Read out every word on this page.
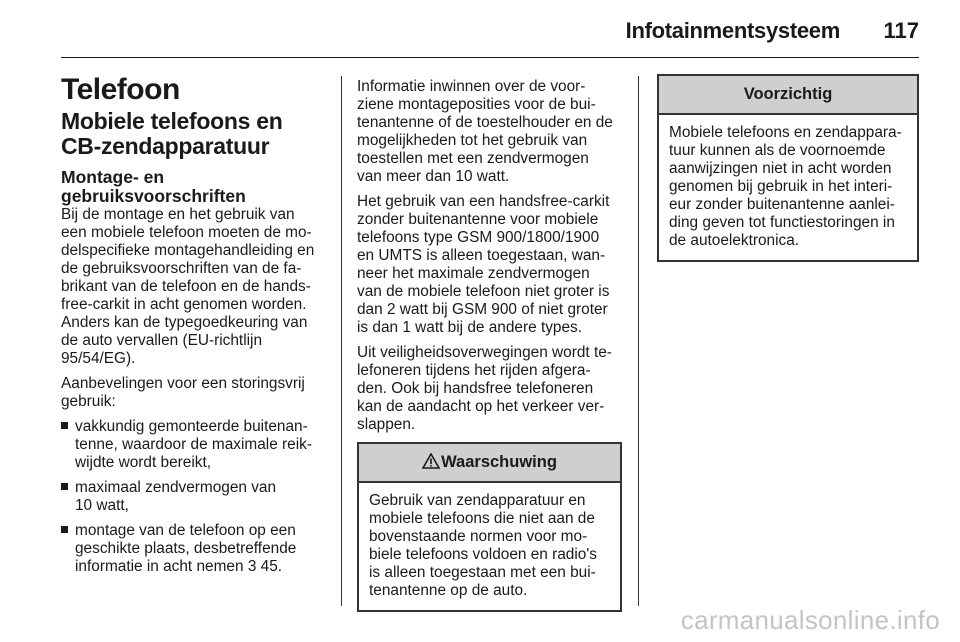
Infotainmentsysteem 117
Telefoon
Mobiele telefoons en
CB-zendapparatuur
Montage- en
gebruiksvoorschriften

Bij de montage en het gebruik van
een mobiele telefoon moeten de mo-
delspecifieke montagehandleiding en
de gebruiksvoorschriften van de fa-
brikant van de telefoon en de hands-
free-carkit in acht genomen worden.
Anders kan de typegoedkeuring van
de auto vervallen (EU-richtlijn
95/54/EG).

Aanbevelingen voor een storingsvrij
gebruik:

vakkundig gemonteerde buitenan-
tenne, waardoor de maximale reik-
wijdte wordt bereikt,
maximaal zendvermogen van
10 watt,
montage van de telefoon op een
geschikte plaats, desbetreffende
informatie in acht nemen 3 45.

Informatie inwinnen over de voor-
ziene montageposities voor de bui-
tenantenne of de toestelhouder en de
mogelijkheden tot het gebruik van
toestellen met een zendvermogen
van meer dan 10 watt.

Het gebruik van een handsfree-carkit
zonder buitenantenne voor mobiele
telefoons type GSM 900/1800/1900
en UMTS is alleen toegestaan, wan-
neer het maximale zendvermogen
van de mobiele telefoon niet groter is
dan 2 watt bij GSM 900 of niet groter
is dan 1 watt bij de andere types.

Uit veiligheidsoverwegingen wordt te-
lefoneren tijdens het rijden afgera-
den. Ook bij handsfree telefoneren
kan de aandacht op het verkeer ver-
slappen.

Waarschuwing
Gebruik van zendapparatuur en
mobiele telefoons die niet aan de
bovenstaande normen voor mo-
biele telefoons voldoen en radio's
is alleen toegestaan met een bui-
tenantenne op de auto.
Voorzichtig
Mobiele telefoons en zendappara-
tuur kunnen als de voornoemde
aanwijzingen niet in acht worden
genomen bij gebruik in het interi-
eur zonder buitenantenne aanlei-
ding geven tot functiestoringen in
de autoelektronica.
carmanualsonline.info
